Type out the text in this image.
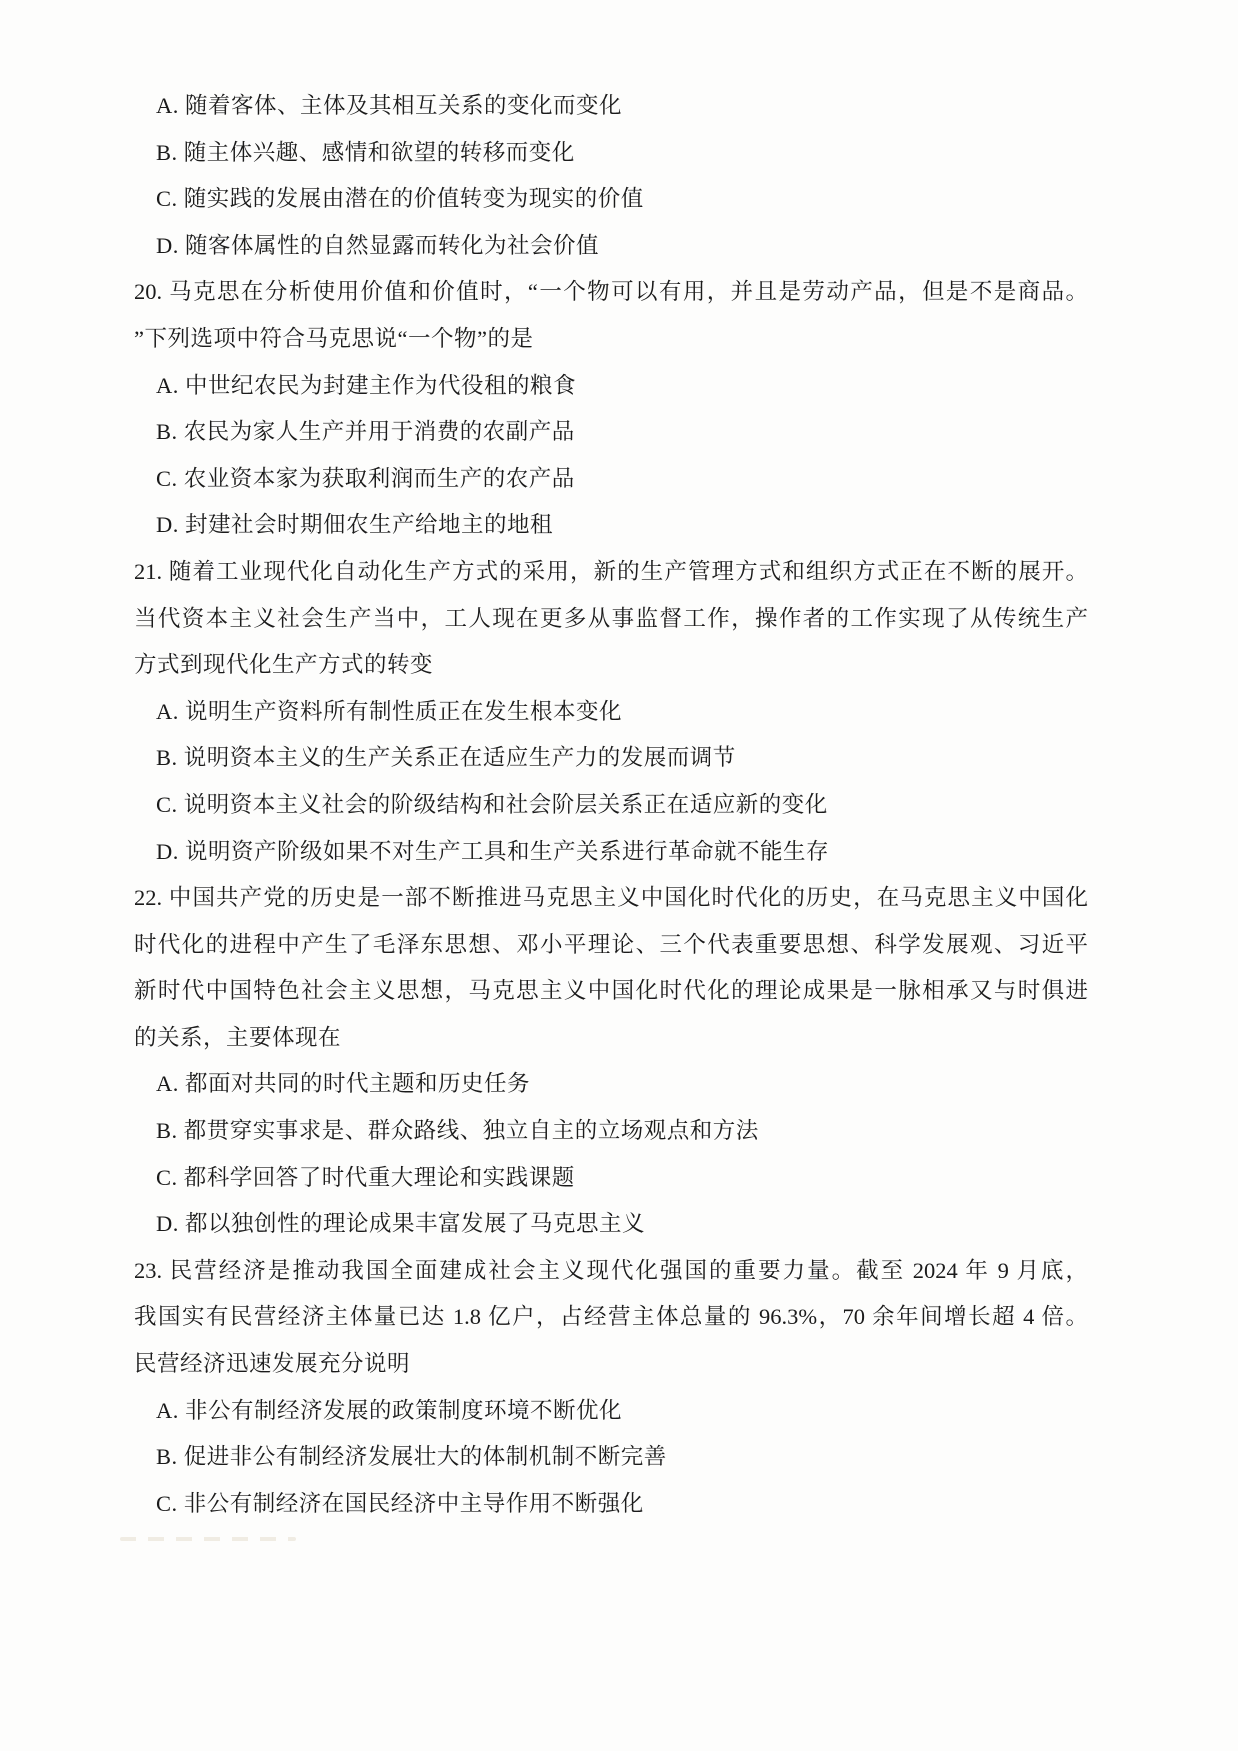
A. 随着客体、主体及其相互关系的变化而变化
B. 随主体兴趣、感情和欲望的转移而变化
C. 随实践的发展由潜在的价值转变为现实的价值
D. 随客体属性的自然显露而转化为社会价值
20. 马克思在分析使用价值和价值时，“一个物可以有用，并且是劳动产品，但是不是商品。
”下列选项中符合马克思说“一个物”的是
A. 中世纪农民为封建主作为代役租的粮食
B. 农民为家人生产并用于消费的农副产品
C. 农业资本家为获取利润而生产的农产品
D. 封建社会时期佃农生产给地主的地租
21. 随着工业现代化自动化生产方式的采用，新的生产管理方式和组织方式正在不断的展开。
当代资本主义社会生产当中，工人现在更多从事监督工作，操作者的工作实现了从传统生产
方式到现代化生产方式的转变
A. 说明生产资料所有制性质正在发生根本变化
B. 说明资本主义的生产关系正在适应生产力的发展而调节
C. 说明资本主义社会的阶级结构和社会阶层关系正在适应新的变化
D. 说明资产阶级如果不对生产工具和生产关系进行革命就不能生存
22. 中国共产党的历史是一部不断推进马克思主义中国化时代化的历史，在马克思主义中国化
时代化的进程中产生了毛泽东思想、邓小平理论、三个代表重要思想、科学发展观、习近平
新时代中国特色社会主义思想，马克思主义中国化时代化的理论成果是一脉相承又与时俱进
的关系，主要体现在
A. 都面对共同的时代主题和历史任务
B. 都贯穿实事求是、群众路线、独立自主的立场观点和方法
C. 都科学回答了时代重大理论和实践课题
D. 都以独创性的理论成果丰富发展了马克思主义
23. 民营经济是推动我国全面建成社会主义现代化强国的重要力量。截至 2024 年 9 月底，
我国实有民营经济主体量已达 1.8 亿户，占经营主体总量的 96.3%，70 余年间增长超 4 倍。
民营经济迅速发展充分说明
A. 非公有制经济发展的政策制度环境不断优化
B. 促进非公有制经济发展壮大的体制机制不断完善
C. 非公有制经济在国民经济中主导作用不断强化
